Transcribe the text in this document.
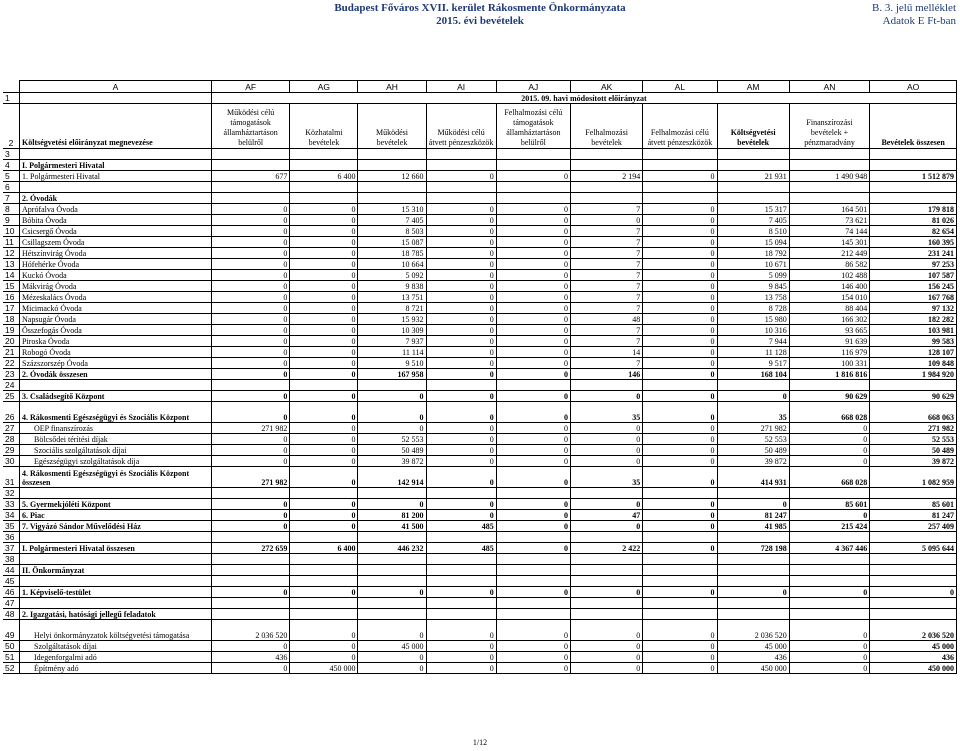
Budapest Főváros XVII. kerület Rákosmente Önkormányzata
2015. évi bevételek
B. 3. jelű melléklet
Adatok E Ft-ban
	A	AF	AG	AH	AI	AJ	AK	AL	AM	AN	AO
1		2015. 09. havi módosított előirányzat									
2	Költségvetési előirányzat megnevezése	Működési célú támogatások államháztartáson belülről	Közhatalmi bevételek	Működési bevételek	Működési célú átvett pénzeszközök	Felhalmozási célú támogatások államháztartáson belülről	Felhalmozási bevételek	Felhalmozási célú átvett pénzeszközök	Költségvetési bevételek	Finanszírozási bevételek + pénzmaradvány	Bevételek összesen
3											
4	I. Polgármesteri Hivatal										
5	1. Polgármesteri Hivatal	677	6 400	12 660	0	0	2 194	0	21 931	1 490 948	1 512 879
6											
7	2. Óvodák										
8	Aprófalva Óvoda	0	0	15 310	0	0	7	0	15 317	164 501	179 818
9	Bóbita Óvoda	0	0	7 405	0	0	0	0	7 405	73 621	81 026
10	Csicsergő Óvoda	0	0	8 503	0	0	7	0	8 510	74 144	82 654
11	Csillagszem Óvoda	0	0	15 087	0	0	7	0	15 094	145 301	160 395
12	Hétszínvirág Óvoda	0	0	18 785	0	0	7	0	18 792	212 449	231 241
13	Hófehérke Óvoda	0	0	10 664	0	0	7	0	10 671	86 582	97 253
14	Kuckó Óvoda	0	0	5 092	0	0	7	0	5 099	102 488	107 587
15	Mákvirág Óvoda	0	0	9 838	0	0	7	0	9 845	146 400	156 245
16	Mézeskalács Óvoda	0	0	13 751	0	0	7	0	13 758	154 010	167 768
17	Micimackó Óvoda	0	0	8 721	0	0	7	0	8 728	88 404	97 132
18	Napsugár Óvoda	0	0	15 932	0	0	48	0	15 980	166 302	182 282
19	Összefogás Óvoda	0	0	10 309	0	0	7	0	10 316	93 665	103 981
20	Piroska Óvoda	0	0	7 937	0	0	7	0	7 944	91 639	99 583
21	Robogó Óvoda	0	0	11 114	0	0	14	0	11 128	116 979	128 107
22	Százszorszép Óvoda	0	0	9 510	0	0	7	0	9 517	100 331	109 848
23	2. Óvodák összesen	0	0	167 958	0	0	146	0	168 104	1 816 816	1 984 920
24											
25	3. Családsegítő Központ	0	0	0	0	0	0	0	0	90 629	90 629
26	4. Rákosmenti Egészségügyi és Szociális Központ	0	0	0	0	0	35	0	35	668 028	668 063
27	OEP finanszírozás	271 982	0	0	0	0	0	0	271 982	0	271 982
28	Bölcsődei térítési díjak	0	0	52 553	0	0	0	0	52 553	0	52 553
29	Szociális szolgáltatások díjai	0	0	50 489	0	0	0	0	50 489	0	50 489
30	Egészségügyi szolgáltatások díja	0	0	39 872	0	0	0	0	39 872	0	39 872
31	4. Rákosmenti Egészségügyi és Szociális Központ összesen	271 982	0	142 914	0	0	35	0	414 931	668 028	1 082 959
32											
33	5. Gyermekjóléti Központ	0	0	0	0	0	0	0	0	85 601	85 601
34	6. Piac	0	0	81 200	0	0	47	0	81 247	0	81 247
35	7. Vigyázó Sándor Művelődési Ház	0	0	41 500	485	0	0	0	41 985	215 424	257 409
36											
37	I. Polgármesteri Hivatal összesen	272 659	6 400	446 232	485	0	2 422	0	728 198	4 367 446	5 095 644
38											
44	II. Önkormányzat										
45											
46	1. Képviselő-testület	0	0	0	0	0	0	0	0	0	0
47											
48	2. Igazgatási, hatósági jellegű feladatok										
49	Helyi önkormányzatok költségvetési támogatása	2 036 520	0	0	0	0	0	0	2 036 520	0	2 036 520
50	Szolgáltatások díjai	0	0	45 000	0	0	0	0	45 000	0	45 000
51	Idegenforgalmi adó	436	0	0	0	0	0	0	436	0	436
52	Építmény adó	0	450 000	0	0	0	0	0	450 000	0	450 000
1/12
